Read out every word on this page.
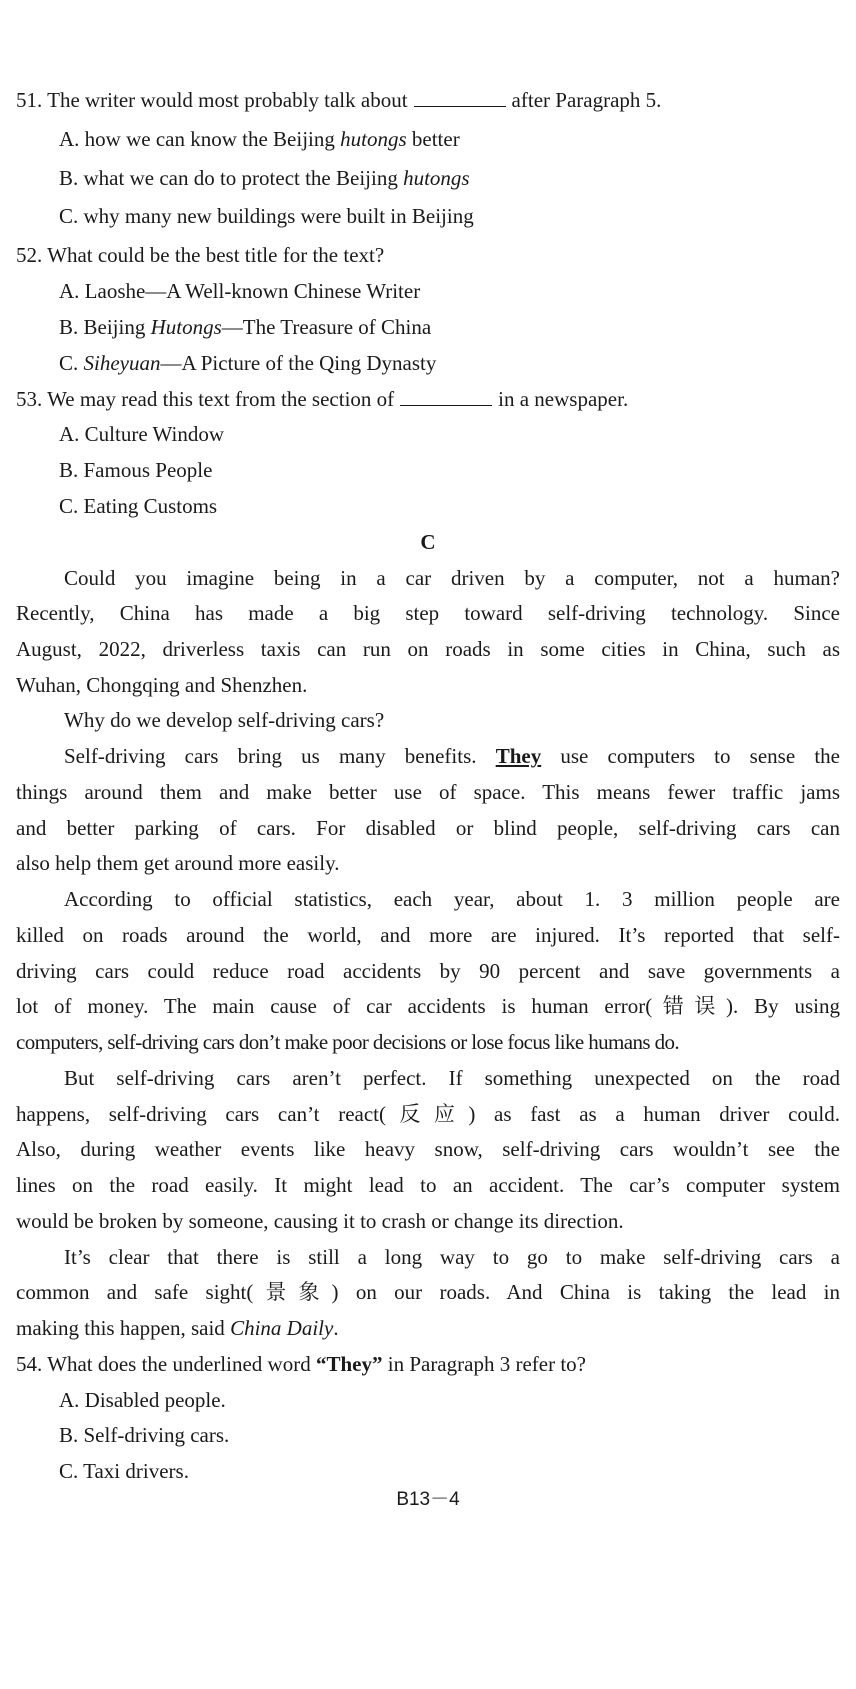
51. The writer would most probably talk about	after Paragraph 5.
A. how we can know the Beijing hutongs better
B. what we can do to protect the Beijing hutongs
C. why many new buildings were built in Beijing
52. What could be the best title for the text?
A. Laoshe—A Well-known Chinese Writer
B. Beijing Hutongs—The Treasure of China
C. Siheyuan—A Picture of the Qing Dynasty
53. We may read this text from the section of	in a newspaper.
A. Culture Window
B. Famous People
C. Eating Customs
C
Could you imagine being in a car driven by a computer, not a human?
Recently, China has made a big step toward self-driving technology. Since
August, 2022, driverless taxis can run on roads in some cities in China, such as
Wuhan, Chongqing and Shenzhen.
Why do we develop self-driving cars?
Self-driving cars bring us many benefits. They use computers to sense the
things around them and make better use of space. This means fewer traffic jams
and better parking of cars. For disabled or blind people, self-driving cars can
also help them get around more easily.
According to official statistics, each year, about 1. 3 million people are
killed on roads around the world, and more are injured. It’s reported that self-
driving cars could reduce road accidents by 90 percent and save governments a
lot of money. The main cause of car accidents is human error(错误). By using
computers, self-driving cars don’t make poor decisions or lose focus like humans do.
But self-driving cars aren’t perfect. If something unexpected on the road
happens, self-driving cars can’t react(反应) as fast as a human driver could.
Also, during weather events like heavy snow, self-driving cars wouldn’t see the
lines on the road easily. It might lead to an accident. The car’s computer system
would be broken by someone, causing it to crash or change its direction.
It’s clear that there is still a long way to go to make self-driving cars a
common and safe sight(景象) on our roads. And China is taking the lead in
making this happen, said China Daily.
54. What does the underlined word “They” in Paragraph 3 refer to?
A. Disabled people.
B. Self-driving cars.
C. Taxi drivers.
B13－4
